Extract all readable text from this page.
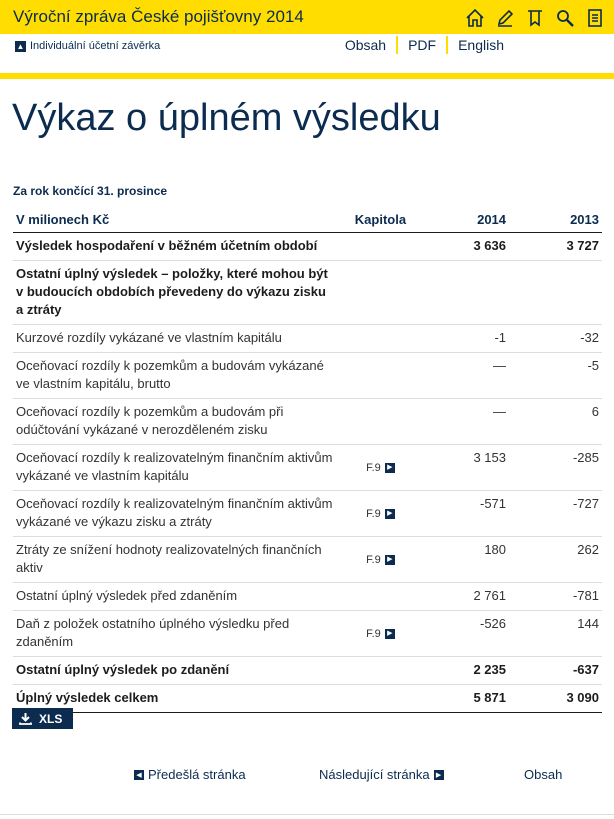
Výroční zpráva České pojišťovny 2014
▲ Individuální účetní závěrka	Obsah	PDF	English
Výkaz o úplném výsledku
Za rok končící 31. prosince
V milionech Kč	Kapitola	2014	2013
Výsledek hospodaření v běžném účetním období		3 636	3 727
Ostatní úplný výsledek – položky, které mohou být v budoucích obdobích převedeny do výkazu zisku a ztráty			
Kurzové rozdíly vykázané ve vlastním kapitálu		-1	-32
Oceňovací rozdíly k pozemkům a budovám vykázané ve vlastním kapitálu, brutto		—	-5
Oceňovací rozdíly k pozemkům a budovám při odúčtování vykázané v nerozděleném zisku		—	6
Oceňovací rozdíly k realizovatelným finančním aktivům vykázané ve vlastním kapitálu	F.9 ▶	3 153	-285
Oceňovací rozdíly k realizovatelným finančním aktivům vykázané ve výkazu zisku a ztráty	F.9 ▶	-571	-727
Ztráty ze snížení hodnoty realizovatelných finančních aktiv	F.9 ▶	180	262
Ostatní úplný výsledek před zdaněním		2 761	-781
Daň z položek ostatního úplného výsledku před zdaněním	F.9 ▶	-526	144
Ostatní úplný výsledek po zdanění		2 235	-637
Úplný výsledek celkem		5 871	3 090
XLS
◀ Předešlá stránka	Následující stránka ▶	Obsah
